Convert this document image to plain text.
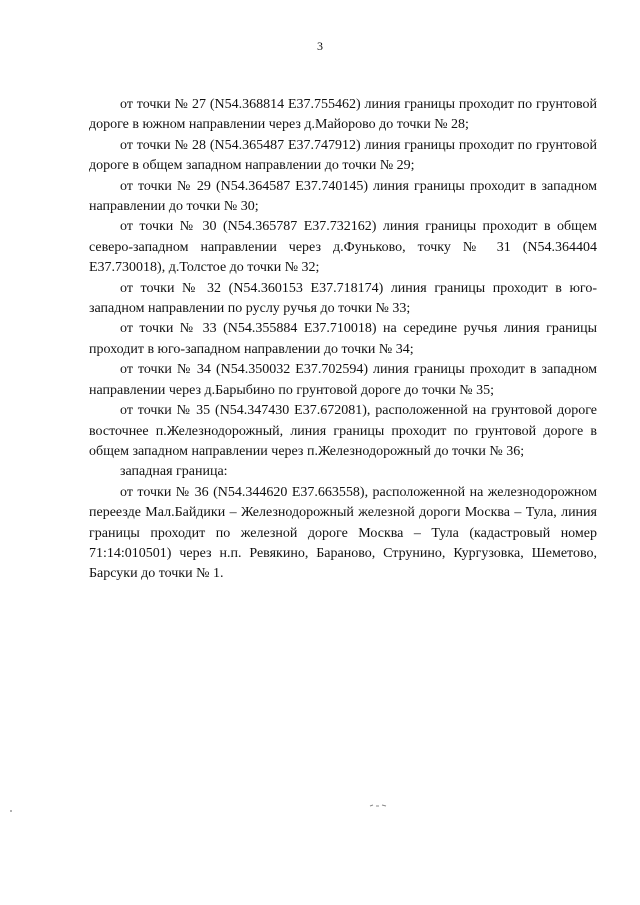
3

от точки № 27 (N54.368814 E37.755462) линия границы проходит по грунтовой дороге в южном направлении через д.Майорово до точки № 28;

от точки № 28 (N54.365487 E37.747912) линия границы проходит по грунтовой дороге в общем западном направлении до точки № 29;

от точки № 29 (N54.364587 E37.740145) линия границы проходит в западном направлении до точки № 30;

от точки № 30 (N54.365787 E37.732162) линия границы проходит в общем северо-западном направлении через д.Фуньково, точку № 31 (N54.364404 E37.730018), д.Толстое до точки № 32;

от точки № 32 (N54.360153 E37.718174) линия границы проходит в юго-западном направлении по руслу ручья до точки № 33;

от точки № 33 (N54.355884 E37.710018) на середине ручья линия границы проходит в юго-западном направлении до точки № 34;

от точки № 34 (N54.350032 E37.702594) линия границы проходит в западном направлении через д.Барыбино по грунтовой дороге до точки № 35;

от точки № 35 (N54.347430 E37.672081), расположенной на грунтовой дороге восточнее п.Железнодорожный, линия границы проходит по грунтовой дороге в общем западном направлении через п.Железнодорожный до точки № 36;

западная граница:

от точки № 36 (N54.344620 E37.663558), расположенной на железнодорожном переезде Мал.Байдики – Железнодорожный железной дороги Москва – Тула, линия границы проходит по железной дороге Москва – Тула (кадастровый номер 71:14:010501) через н.п. Ревякино, Бараново, Струнино, Кургузовка, Шеметово, Барсуки до точки № 1.
